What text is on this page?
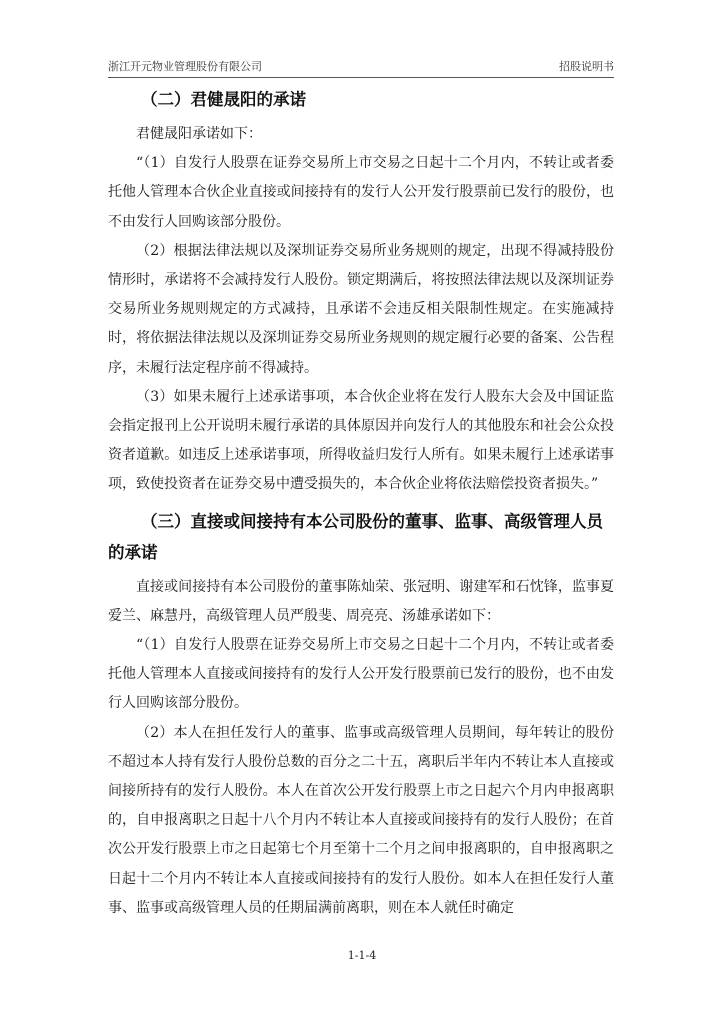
浙江开元物业管理股份有限公司	招股说明书

（二）君健晟阳的承诺

君健晟阳承诺如下：

“（1）自发行人股票在证券交易所上市交易之日起十二个月内，不转让或者委托他人管理本合伙企业直接或间接持有的发行人公开发行股票前已发行的股份，也不由发行人回购该部分股份。

（2）根据法律法规以及深圳证券交易所业务规则的规定，出现不得减持股份情形时，承诺将不会减持发行人股份。锁定期满后，将按照法律法规以及深圳证券交易所业务规则规定的方式减持，且承诺不会违反相关限制性规定。在实施减持时，将依据法律法规以及深圳证券交易所业务规则的规定履行必要的备案、公告程序，未履行法定程序前不得减持。

（3）如果未履行上述承诺事项，本合伙企业将在发行人股东大会及中国证监会指定报刊上公开说明未履行承诺的具体原因并向发行人的其他股东和社会公众投资者道歉。如违反上述承诺事项，所得收益归发行人所有。如果未履行上述承诺事项，致使投资者在证券交易中遭受损失的，本合伙企业将依法赔偿投资者损失。”

（三）直接或间接持有本公司股份的董事、监事、高级管理人员

的承诺

直接或间接持有本公司股份的董事陈灿荣、张冠明、谢建军和石忱锋，监事夏爱兰、麻慧丹，高级管理人员严殷斐、周亮亮、汤雄承诺如下：

“（1）自发行人股票在证券交易所上市交易之日起十二个月内，不转让或者委托他人管理本人直接或间接持有的发行人公开发行股票前已发行的股份，也不由发行人回购该部分股份。

（2）本人在担任发行人的董事、监事或高级管理人员期间，每年转让的股份不超过本人持有发行人股份总数的百分之二十五，离职后半年内不转让本人直接或间接所持有的发行人股份。本人在首次公开发行股票上市之日起六个月内申报离职的，自申报离职之日起十八个月内不转让本人直接或间接持有的发行人股份；在首次公开发行股票上市之日起第七个月至第十二个月之间申报离职的，自申报离职之日起十二个月内不转让本人直接或间接持有的发行人股份。如本人在担任发行人董事、监事或高级管理人员的任期届满前离职，则在本人就任时确定

1-1-4
